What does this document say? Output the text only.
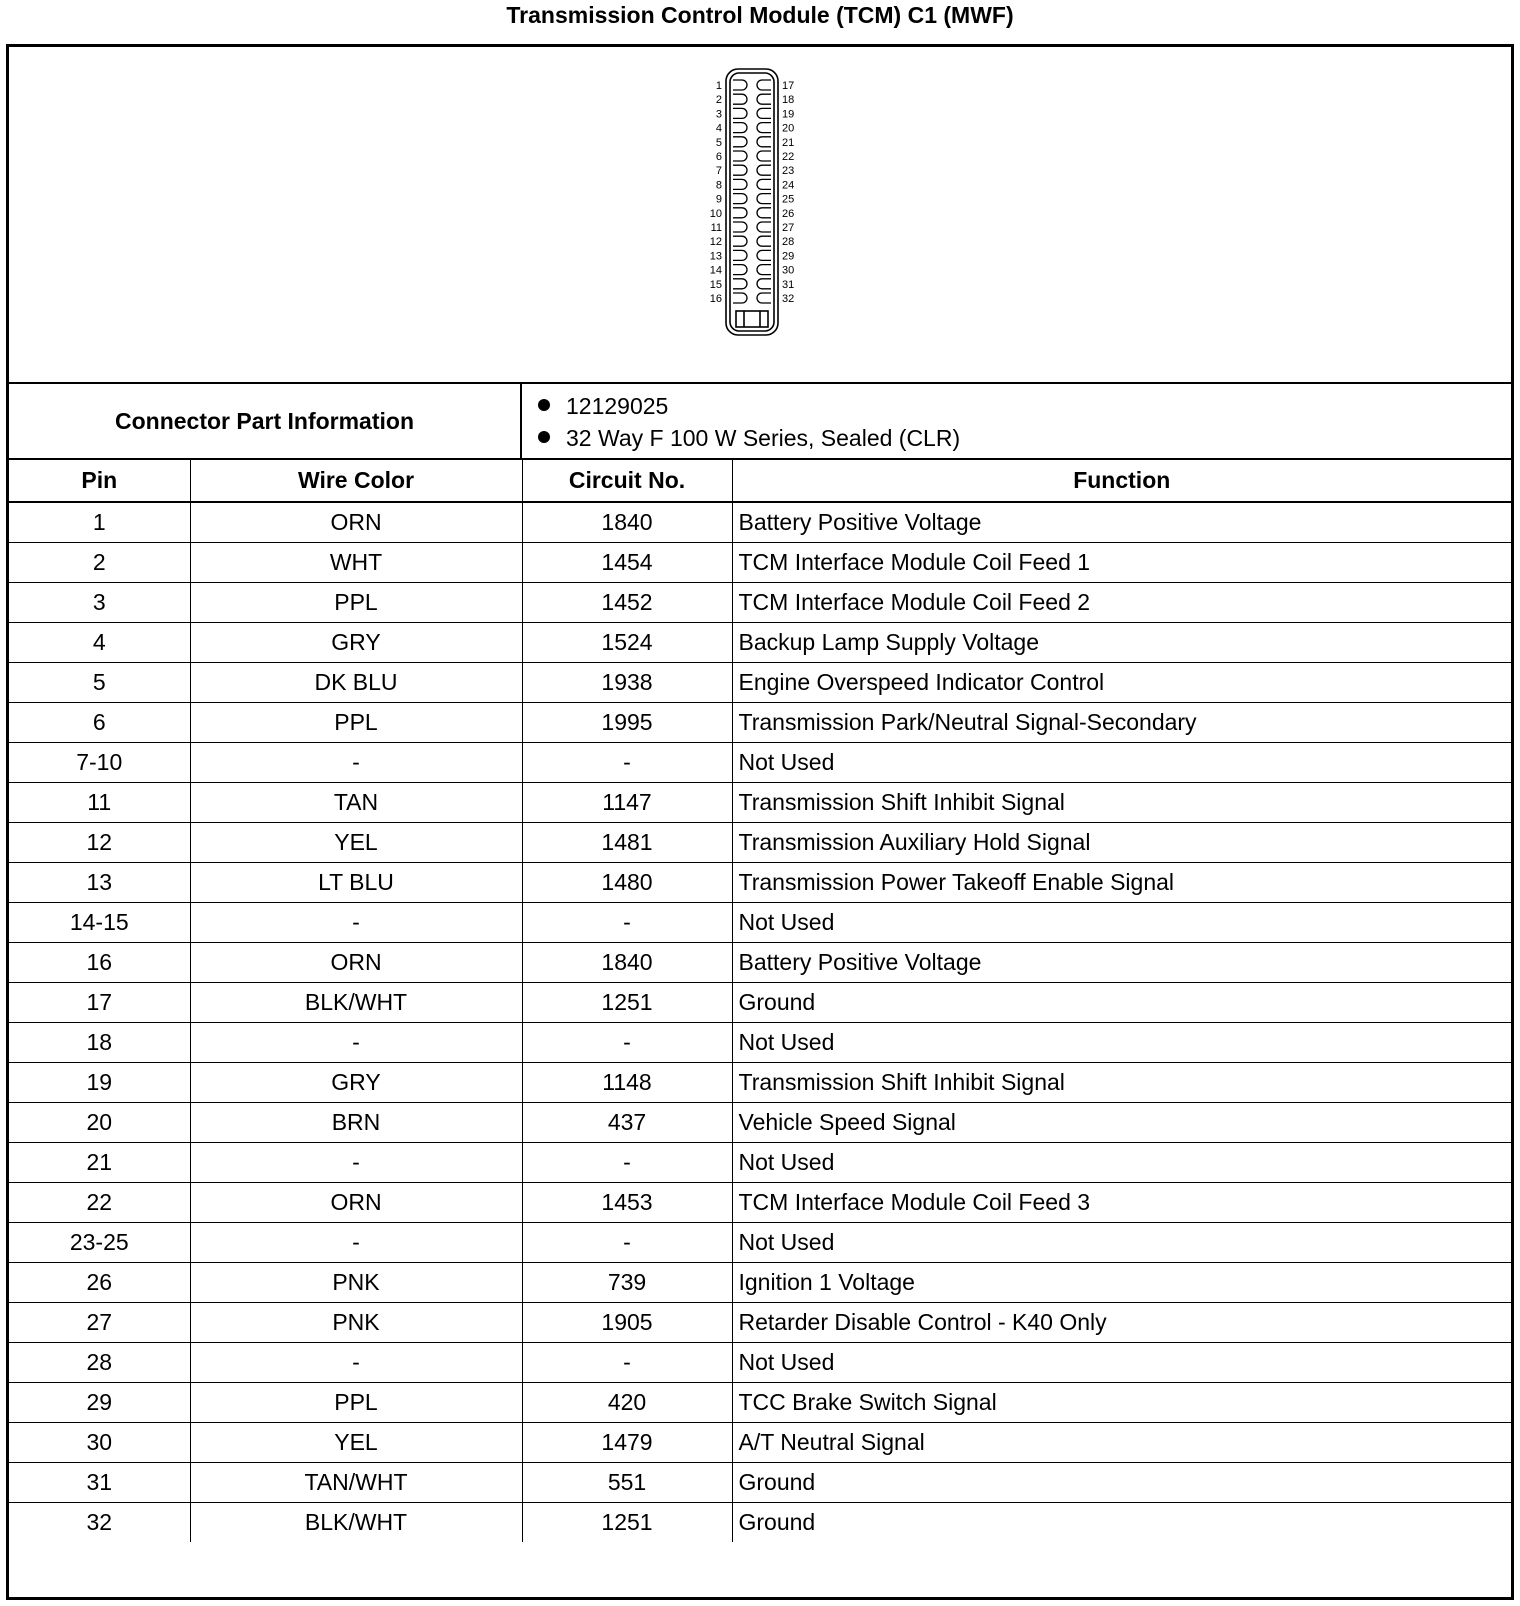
Transmission Control Module (TCM) C1 (MWF)
1
2
3
4
5
6
7
8
9
10
11
12
13
14
15
16
17
18
19
20
21
22
23
24
25
26
27
28
29
30
31
32
Connector Part Information
12129025
32 Way F 100 W Series, Sealed (CLR)
Pin	Wire Color	Circuit No.	Function
1	ORN	1840	Battery Positive Voltage
2	WHT	1454	TCM Interface Module Coil Feed 1
3	PPL	1452	TCM Interface Module Coil Feed 2
4	GRY	1524	Backup Lamp Supply Voltage
5	DK BLU	1938	Engine Overspeed Indicator Control
6	PPL	1995	Transmission Park/Neutral Signal-Secondary
7-10	-	-	Not Used
11	TAN	1147	Transmission Shift Inhibit Signal
12	YEL	1481	Transmission Auxiliary Hold Signal
13	LT BLU	1480	Transmission Power Takeoff Enable Signal
14-15	-	-	Not Used
16	ORN	1840	Battery Positive Voltage
17	BLK/WHT	1251	Ground
18	-	-	Not Used
19	GRY	1148	Transmission Shift Inhibit Signal
20	BRN	437	Vehicle Speed Signal
21	-	-	Not Used
22	ORN	1453	TCM Interface Module Coil Feed 3
23-25	-	-	Not Used
26	PNK	739	Ignition 1 Voltage
27	PNK	1905	Retarder Disable Control - K40 Only
28	-	-	Not Used
29	PPL	420	TCC Brake Switch Signal
30	YEL	1479	A/T Neutral Signal
31	TAN/WHT	551	Ground
32	BLK/WHT	1251	Ground
